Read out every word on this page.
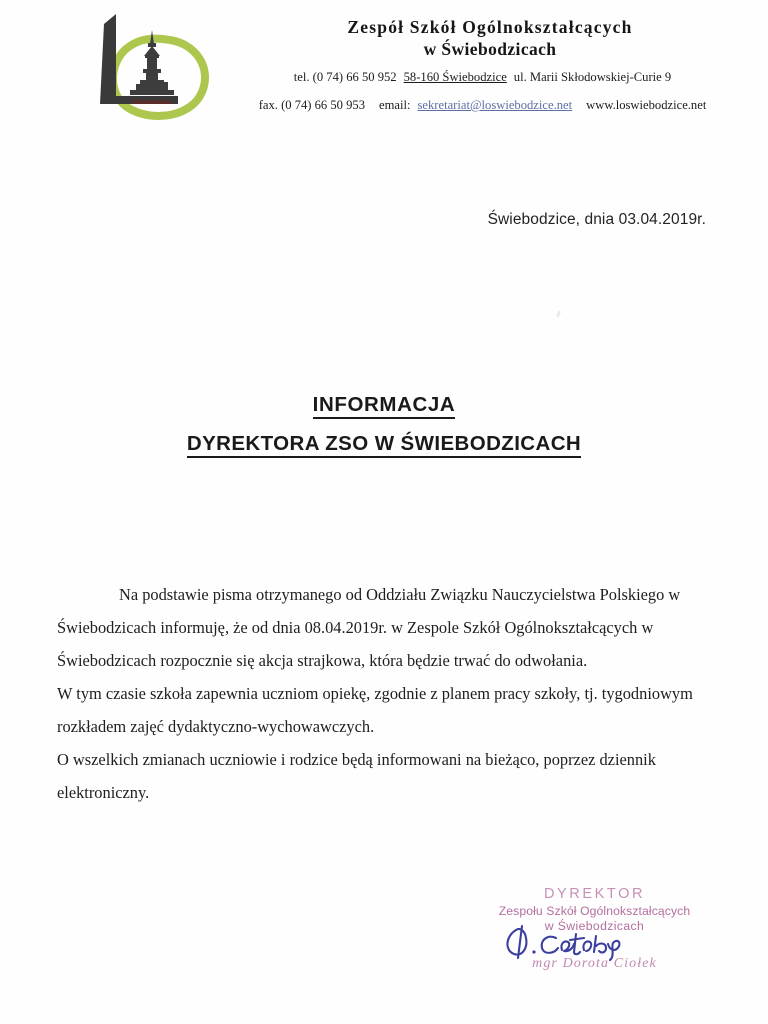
Świebodzice
Zespół Szkół Ogólnokształcących
w Świebodzicach
tel. (0 74) 66 50 952 58-160 Świebodzice ul. Marii Skłodowskiej-Curie 9
fax. (0 74) 66 50 953 email: sekretariat@loswiebodzice.net www.loswiebodzice.net
Świebodzice, dnia 03.04.2019r.
INFORMACJA
DYREKTORA ZSO W ŚWIEBODZICACH

Na podstawie pisma otrzymanego od Oddziału Związku Nauczycielstwa Polskiego w Świebodzicach informuję, że od dnia 08.04.2019r. w Zespole Szkół Ogólnokształcących w Świebodzicach rozpocznie się akcja strajkowa, która będzie trwać do odwołania.

W tym czasie szkoła zapewnia uczniom opiekę, zgodnie z planem pracy szkoły, tj. tygodniowym rozkładem zajęć dydaktyczno-wychowawczych.

O wszelkich zmianach uczniowie i rodzice będą informowani na bieżąco, poprzez dziennik elektroniczny.

DYREKTOR
Zespołu Szkół Ogólnokształcących
w Świebodzicach
mgr Dorota Ciołek
